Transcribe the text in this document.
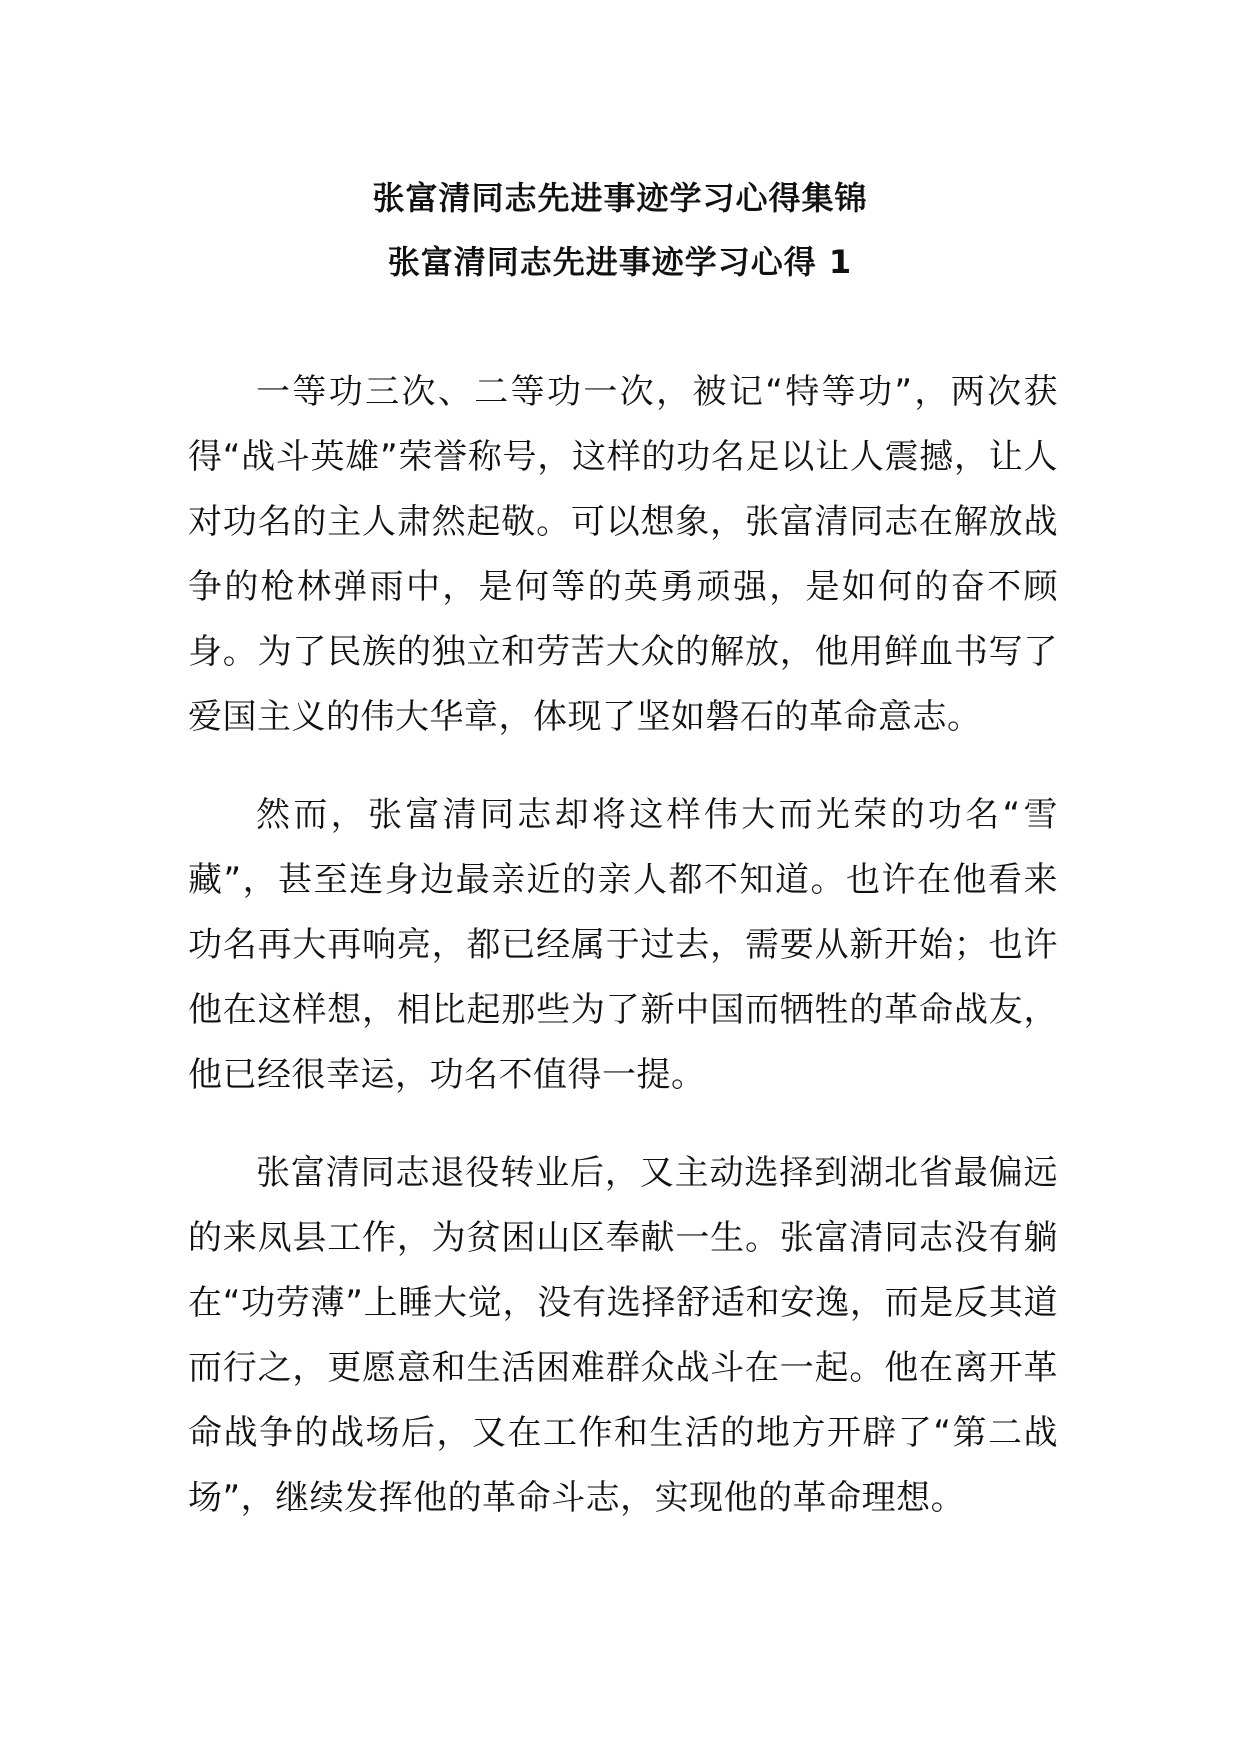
张富清同志先进事迹学习心得集锦
张富清同志先进事迹学习心得 1

一等功三次、二等功一次，被记“特等功”，两次获得“战斗英雄”荣誉称号，这样的功名足以让人震撼，让人对功名的主人肃然起敬。可以想象，张富清同志在解放战争的枪林弹雨中，是何等的英勇顽强，是如何的奋不顾身。为了民族的独立和劳苦大众的解放，他用鲜血书写了爱国主义的伟大华章，体现了坚如磐石的革命意志。

然而，张富清同志却将这样伟大而光荣的功名“雪藏”，甚至连身边最亲近的亲人都不知道。也许在他看来功名再大再响亮，都已经属于过去，需要从新开始；也许他在这样想，相比起那些为了新中国而牺牲的革命战友，他已经很幸运，功名不值得一提。

张富清同志退役转业后，又主动选择到湖北省最偏远的来凤县工作，为贫困山区奉献一生。张富清同志没有躺在“功劳薄”上睡大觉，没有选择舒适和安逸，而是反其道而行之，更愿意和生活困难群众战斗在一起。他在离开革命战争的战场后，又在工作和生活的地方开辟了“第二战场”，继续发挥他的革命斗志，实现他的革命理想。
